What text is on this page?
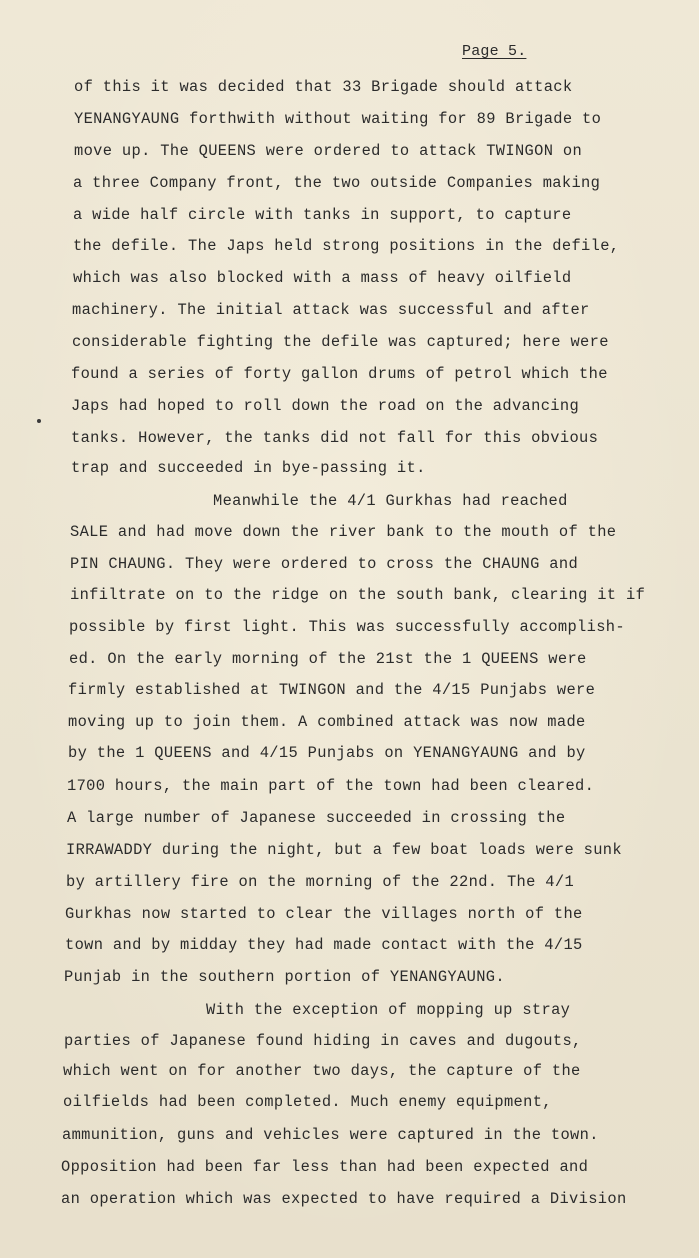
Page 5.
of this it was decided that 33 Brigade should attack
YENANGYAUNG forthwith without waiting for 89 Brigade to
move up. The QUEENS were ordered to attack TWINGON on
a three Company front, the two outside Companies making
a wide half circle with tanks in support, to capture
the defile. The Japs held strong positions in the defile,
which was also blocked with a mass of heavy oilfield
machinery. The initial attack was successful and after
considerable fighting the defile was captured; here were
found a series of forty gallon drums of petrol which the
Japs had hoped to roll down the road on the advancing
tanks. However, the tanks did not fall for this obvious
trap and succeeded in bye-passing it.
Meanwhile the 4/1 Gurkhas had reached
SALE and had move down the river bank to the mouth of the
PIN CHAUNG. They were ordered to cross the CHAUNG and
infiltrate on to the ridge on the south bank, clearing it if
possible by first light. This was successfully accomplish-
ed. On the early morning of the 21st the 1 QUEENS were
firmly established at TWINGON and the 4/15 Punjabs were
moving up to join them. A combined attack was now made
by the 1 QUEENS and 4/15 Punjabs on YENANGYAUNG and by
1700 hours, the main part of the town had been cleared.
A large number of Japanese succeeded in crossing the
IRRAWADDY during the night, but a few boat loads were sunk
by artillery fire on the morning of the 22nd. The 4/1
Gurkhas now started to clear the villages north of the
town and by midday they had made contact with the 4/15
Punjab in the southern portion of YENANGYAUNG.
With the exception of mopping up stray
parties of Japanese found hiding in caves and dugouts,
which went on for another two days, the capture of the
oilfields had been completed. Much enemy equipment,
ammunition, guns and vehicles were captured in the town.
Opposition had been far less than had been expected and
an operation which was expected to have required a Division
